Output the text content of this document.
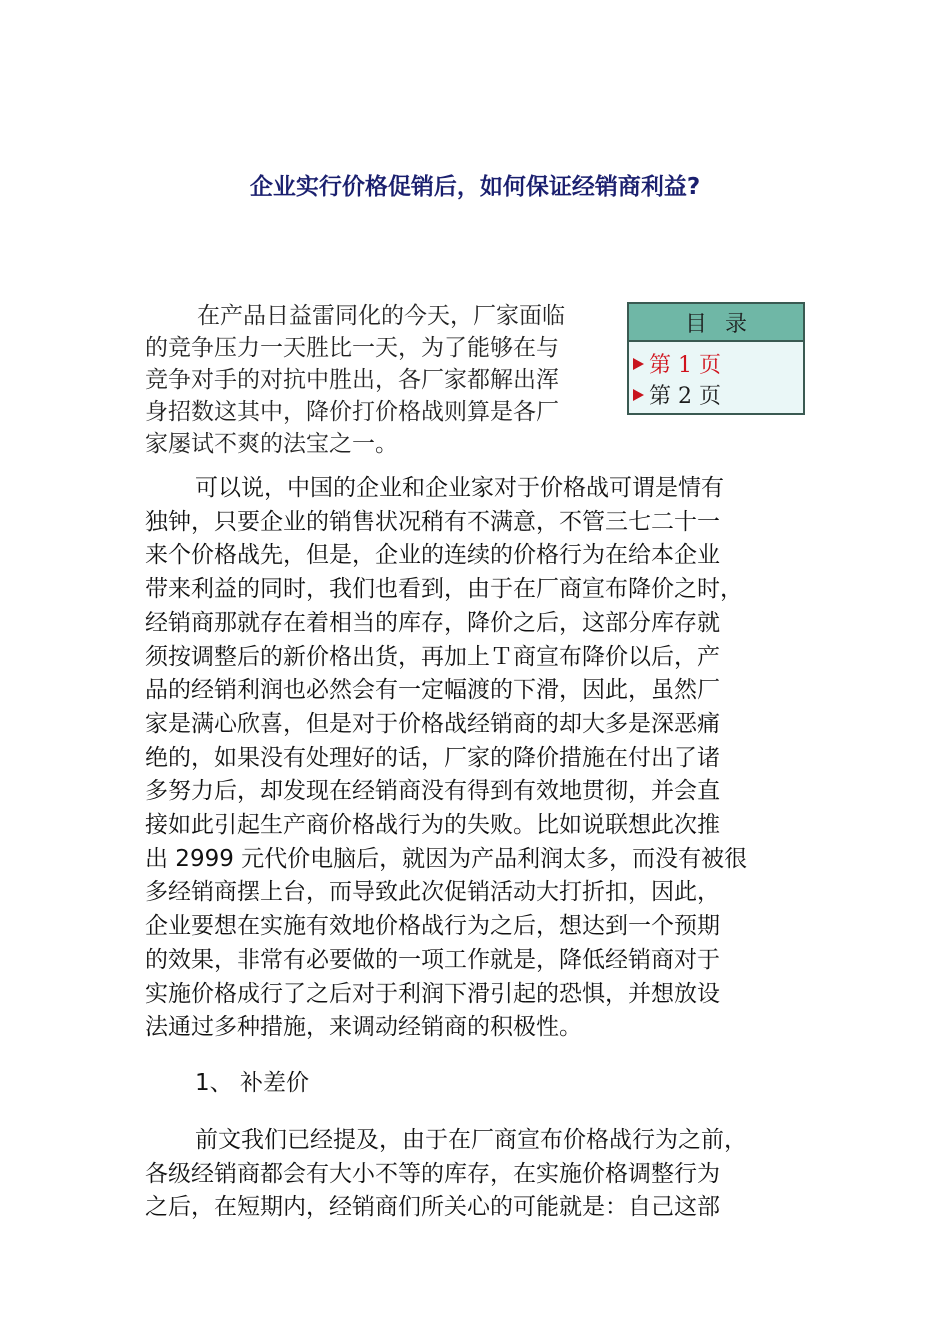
企业实行价格促销后，如何保证经销商利益?
在产品日益雷同化的今天，厂家面临
的竞争压力一天胜比一天，为了能够在与
竞争对手的对抗中胜出，各厂家都解出浑
身招数这其中，降价打价格战则算是各厂
家屡试不爽的法宝之一。
目录
第 1 页
第 2 页
可以说，中国的企业和企业家对于价格战可谓是情有
独钟，只要企业的销售状况稍有不满意，不管三七二十一
来个价格战先，但是，企业的连续的价格行为在给本企业
带来利益的同时，我们也看到，由于在厂商宣布降价之时，
经销商那就存在着相当的库存，降价之后，这部分库存就
须按调整后的新价格出货，再加上Ｔ商宣布降价以后，产
品的经销利润也必然会有一定幅渡的下滑，因此，虽然厂
家是满心欣喜，但是对于价格战经销商的却大多是深恶痛
绝的，如果没有处理好的话，厂家的降价措施在付出了诸
多努力后，却发现在经销商没有得到有效地贯彻，并会直
接如此引起生产商价格战行为的失败。比如说联想此次推
出 2999 元代价电脑后，就因为产品利润太多，而没有被很
多经销商摆上台，而导致此次促销活动大打折扣，因此，
企业要想在实施有效地价格战行为之后，想达到一个预期
的效果，非常有必要做的一项工作就是，降低经销商对于
实施价格成行了之后对于利润下滑引起的恐惧，并想放设
法通过多种措施，来调动经销商的积极性。
1、 补差价
前文我们已经提及，由于在厂商宣布价格战行为之前，
各级经销商都会有大小不等的库存，在实施价格调整行为
之后，在短期内，经销商们所关心的可能就是：自己这部
